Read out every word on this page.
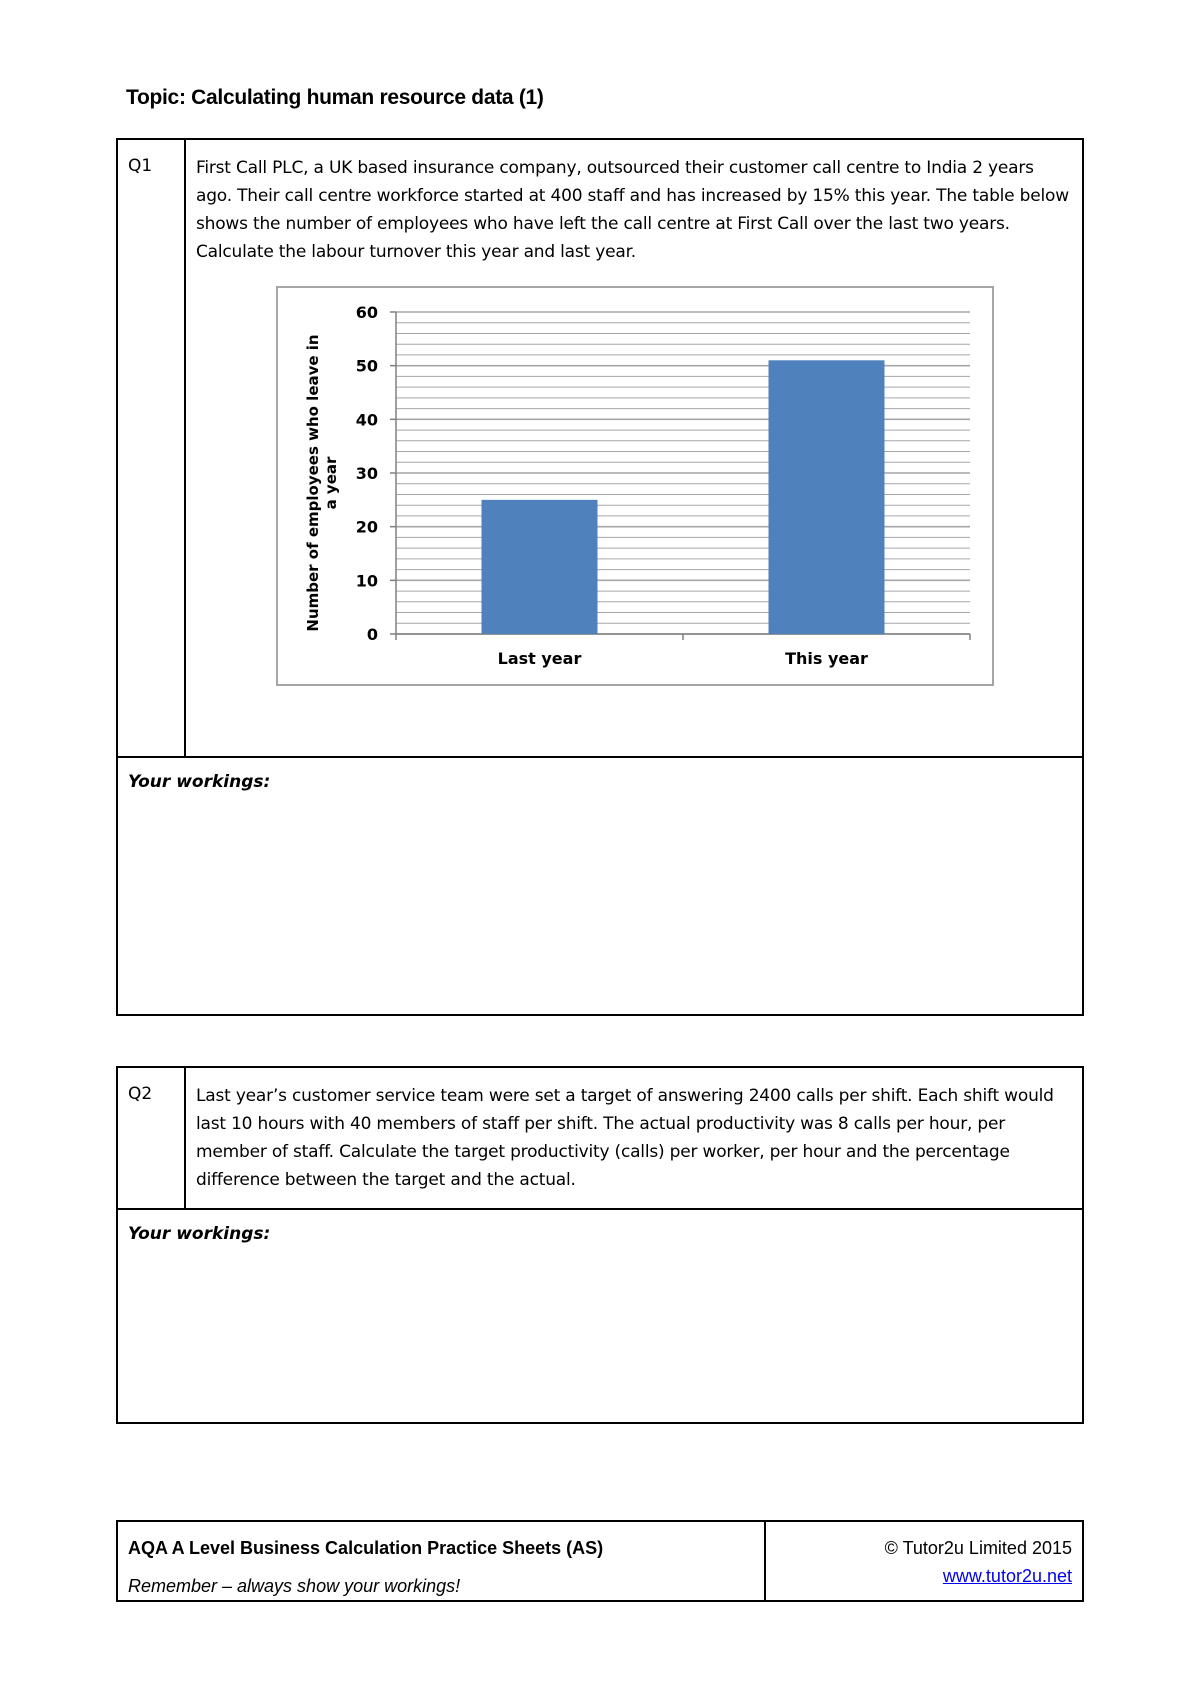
Topic: Calculating human resource data (1)
Q1	First Call PLC, a UK based insurance company, outsourced their customer call centre to India 2 years ago. Their call centre workforce started at 400 staff and has increased by 15% this year. The table below shows the number of employees who have left the call centre at First Call over the last two years. Calculate the labour turnover this year and last year.
Your workings:
0
10
20
30
40
50
60
Last year	This year
Number of employees who leave in a year
Q2	Last year’s customer service team were set a target of answering 2400 calls per shift. Each shift would last 10 hours with 40 members of staff per shift. The actual productivity was 8 calls per hour, per member of staff. Calculate the target productivity (calls) per worker, per hour and the percentage difference between the target and the actual.
Your workings:
AQA A Level Business Calculation Practice Sheets (AS)
Remember – always show your workings!
© Tutor2u Limited 2015
www.tutor2u.net
